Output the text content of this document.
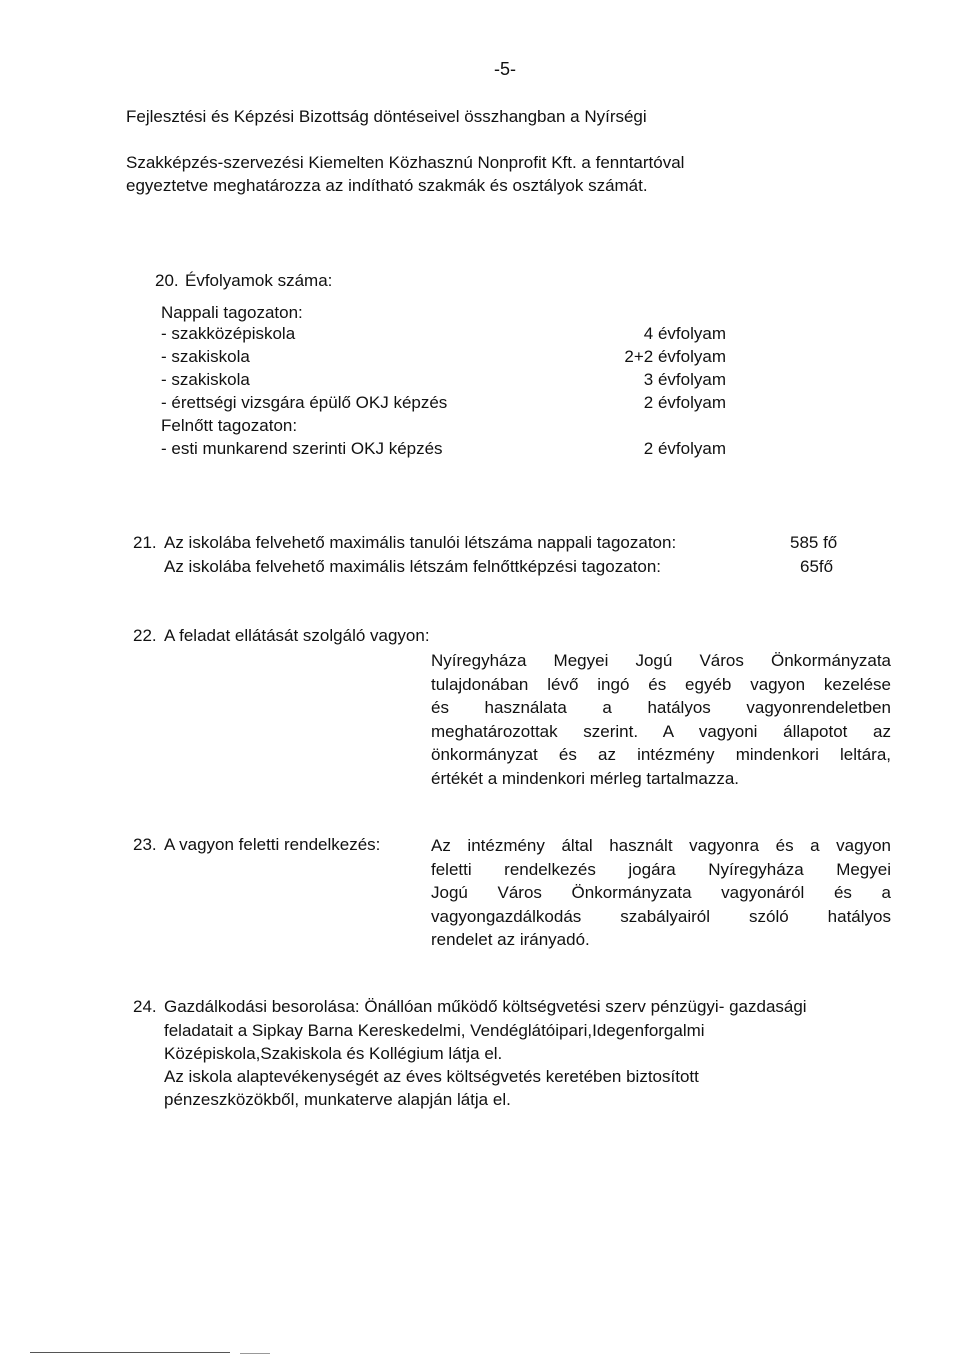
-5-
Fejlesztési és Képzési Bizottság döntéseivel összhangban a Nyírségi
Szakképzés-szervezési Kiemelten Közhasznú Nonprofit Kft. a fenntartóval
egyeztetve meghatározza az indítható szakmák és osztályok számát.
20. Évfolyamok száma:
Nappali tagozaton:
- szakközépiskola	4 évfolyam
- szakiskola	2+2 évfolyam
- szakiskola	3 évfolyam
- érettségi vizsgára épülő OKJ képzés	2 évfolyam
Felnőtt tagozaton:
- esti munkarend szerinti OKJ képzés	2 évfolyam
21. Az iskolába felvehető maximális tanulói létszáma nappali tagozaton:	585 fő
Az iskolába felvehető maximális létszám felnőttképzési tagozaton:	65fő
22. A feladat ellátását szolgáló vagyon:
Nyíregyháza Megyei Jogú Város Önkormányzata
tulajdonában lévő ingó és egyéb vagyon kezelése
és használata a hatályos vagyonrendeletben
meghatározottak szerint. A vagyoni állapotot az
önkormányzat és az intézmény mindenkori leltára,
értékét a mindenkori mérleg tartalmazza.
23. A vagyon feletti rendelkezés:	Az intézmény által használt vagyonra és a vagyon
feletti rendelkezés jogára Nyíregyháza Megyei
Jogú Város Önkormányzata vagyonáról és a
vagyongazdálkodás szabályairól szóló hatályos
rendelet az irányadó.
24. Gazdálkodási besorolása: Önállóan működő költségvetési szerv pénzügyi- gazdasági
feladatait a Sipkay Barna Kereskedelmi, Vendéglátóipari,Idegenforgalmi
Középiskola,Szakiskola és Kollégium látja el.
Az iskola alaptevékenységét az éves költségvetés keretében biztosított
pénzeszközökből, munkaterve alapján látja el.
